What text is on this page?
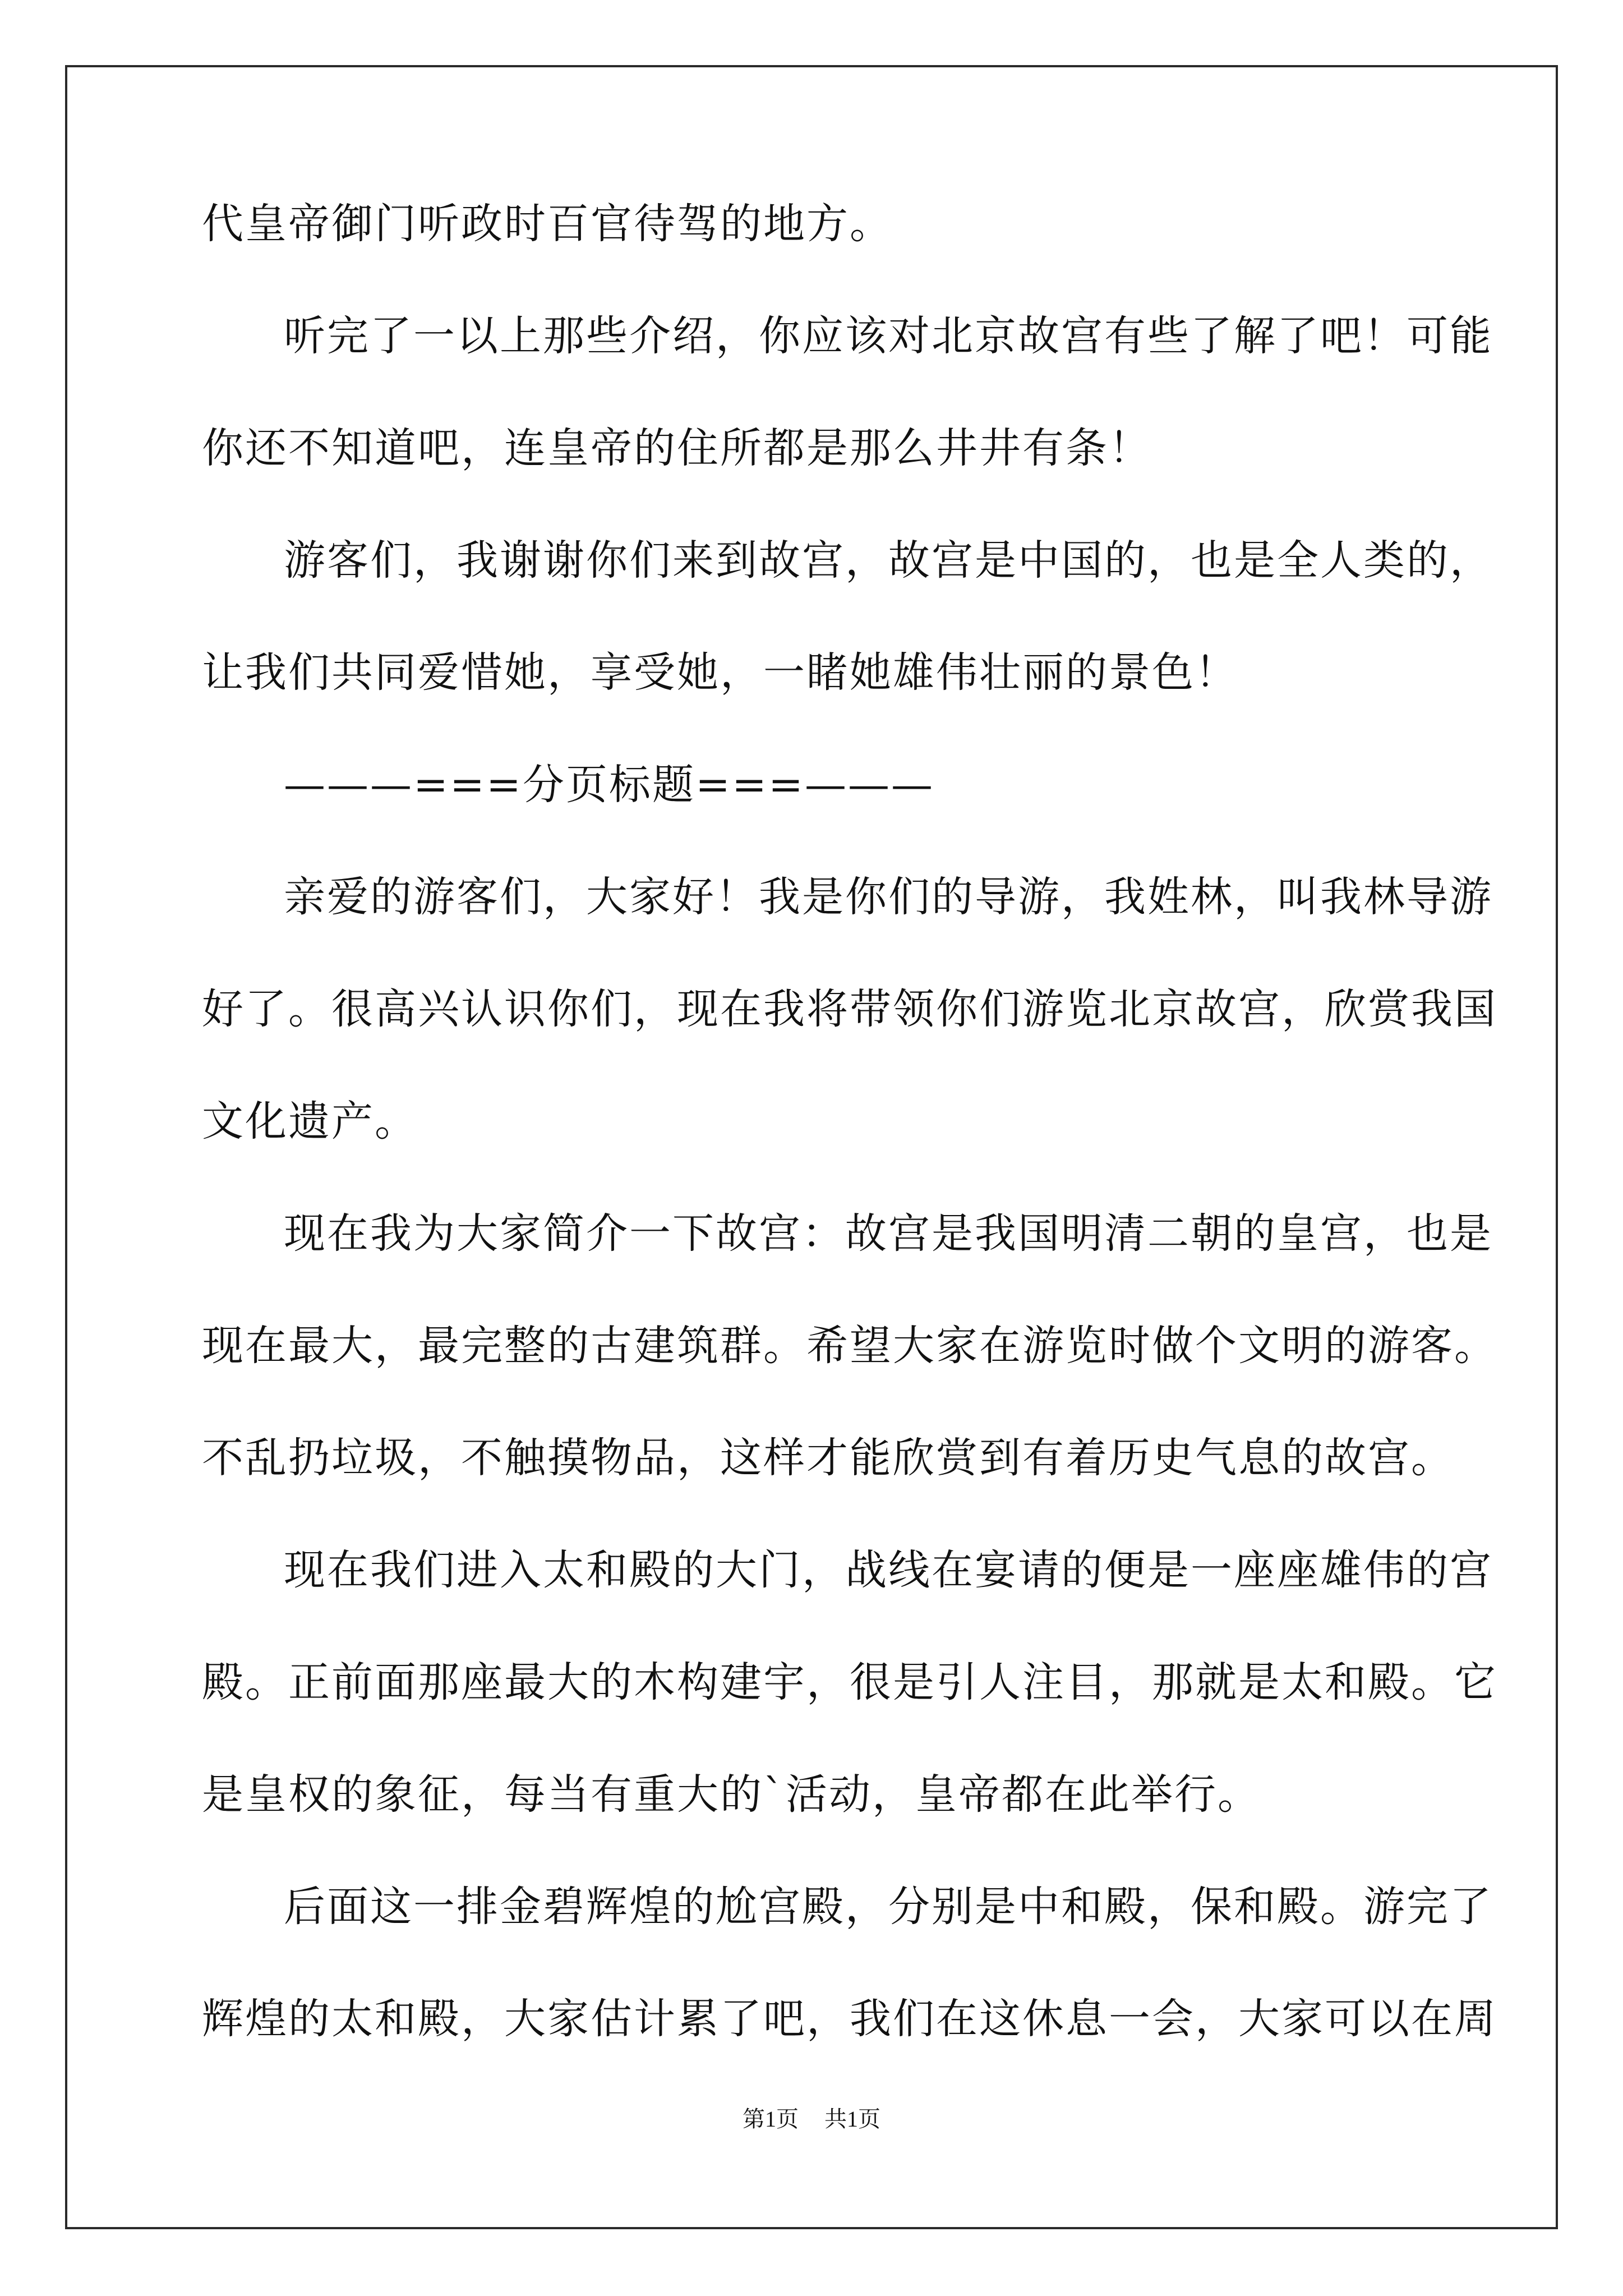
代皇帝御门听政时百官待驾的地方。
听完了一以上那些介绍，你应该对北京故宫有些了解了吧！可能
你还不知道吧，连皇帝的住所都是那么井井有条！
游客们，我谢谢你们来到故宫，故宫是中国的，也是全人类的，
让我们共同爱惜她，享受她，一睹她雄伟壮丽的景色！
———===分页标题===———
亲爱的游客们，大家好！我是你们的导游，我姓林，叫我林导游
好了。很高兴认识你们，现在我将带领你们游览北京故宫，欣赏我国
文化遗产。
现在我为大家简介一下故宫：故宫是我国明清二朝的皇宫，也是
现在最大，最完整的古建筑群。希望大家在游览时做个文明的游客。
不乱扔垃圾，不触摸物品，这样才能欣赏到有着历史气息的故宫。
现在我们进入太和殿的大门，战线在宴请的便是一座座雄伟的宫
殿。正前面那座最大的木构建宇，很是引人注目，那就是太和殿。它
是皇权的象征，每当有重大的`活动，皇帝都在此举行。
后面这一排金碧辉煌的尬宫殿，分别是中和殿，保和殿。游完了
辉煌的太和殿，大家估计累了吧，我们在这休息一会，大家可以在周
第1页 共1页
